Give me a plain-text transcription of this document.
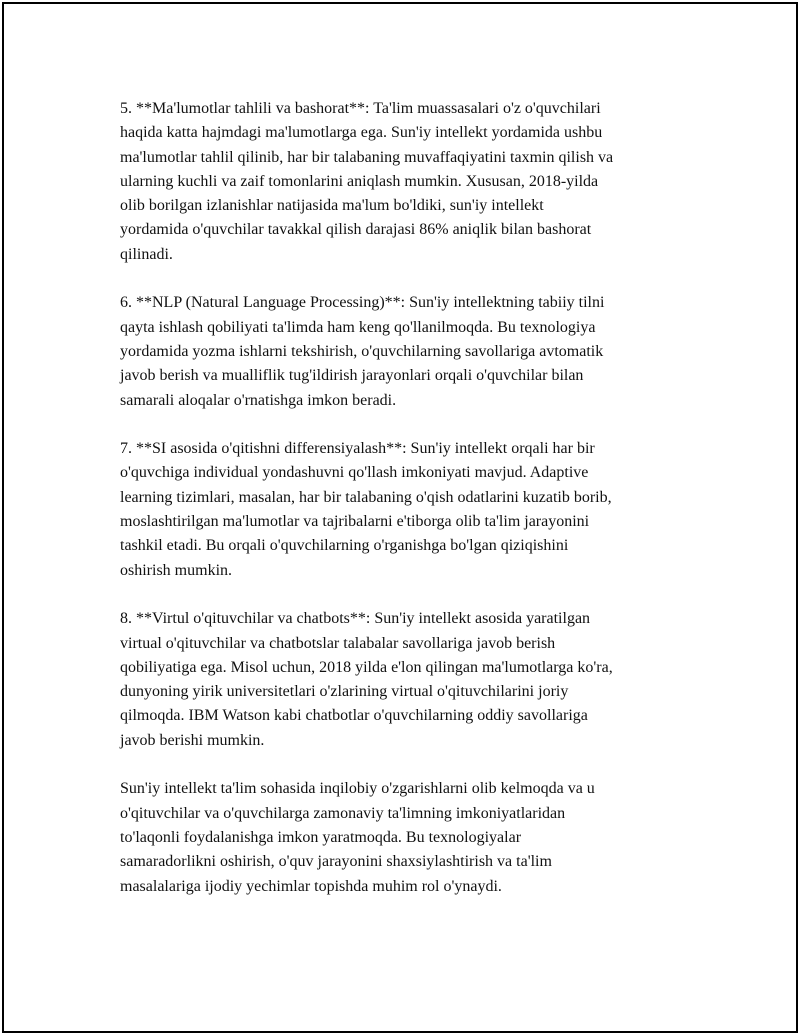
5. **Ma'lumotlar tahlili va bashorat**: Ta'lim muassasalari o'z o'quvchilari
haqida katta hajmdagi ma'lumotlarga ega. Sun'iy intellekt yordamida ushbu
ma'lumotlar tahlil qilinib, har bir talabaning muvaffaqiyatini taxmin qilish va
ularning kuchli va zaif tomonlarini aniqlash mumkin. Xususan, 2018-yilda
olib borilgan izlanishlar natijasida ma'lum bo'ldiki, sun'iy intellekt
yordamida o'quvchilar tavakkal qilish darajasi 86% aniqlik bilan bashorat
qilinadi.

6. **NLP (Natural Language Processing)**: Sun'iy intellektning tabiiy tilni
qayta ishlash qobiliyati ta'limda ham keng qo'llanilmoqda. Bu texnologiya
yordamida yozma ishlarni tekshirish, o'quvchilarning savollariga avtomatik
javob berish va mualliflik tug'ildirish jarayonlari orqali o'quvchilar bilan
samarali aloqalar o'rnatishga imkon beradi.

7. **SI asosida o'qitishni differensiyalash**: Sun'iy intellekt orqali har bir
o'quvchiga individual yondashuvni qo'llash imkoniyati mavjud. Adaptive
learning tizimlari, masalan, har bir talabaning o'qish odatlarini kuzatib borib,
moslashtirilgan ma'lumotlar va tajribalarni e'tiborga olib ta'lim jarayonini
tashkil etadi. Bu orqali o'quvchilarning o'rganishga bo'lgan qiziqishini
oshirish mumkin.

8. **Virtul o'qituvchilar va chatbots**: Sun'iy intellekt asosida yaratilgan
virtual o'qituvchilar va chatbotslar talabalar savollariga javob berish
qobiliyatiga ega. Misol uchun, 2018 yilda e'lon qilingan ma'lumotlarga ko'ra,
dunyoning yirik universitetlari o'zlarining virtual o'qituvchilarini joriy
qilmoqda. IBM Watson kabi chatbotlar o'quvchilarning oddiy savollariga
javob berishi mumkin.

Sun'iy intellekt ta'lim sohasida inqilobiy o'zgarishlarni olib kelmoqda va u
o'qituvchilar va o'quvchilarga zamonaviy ta'limning imkoniyatlaridan
to'laqonli foydalanishga imkon yaratmoqda. Bu texnologiyalar
samaradorlikni oshirish, o'quv jarayonini shaxsiylashtirish va ta'lim
masalalariga ijodiy yechimlar topishda muhim rol o'ynaydi.
